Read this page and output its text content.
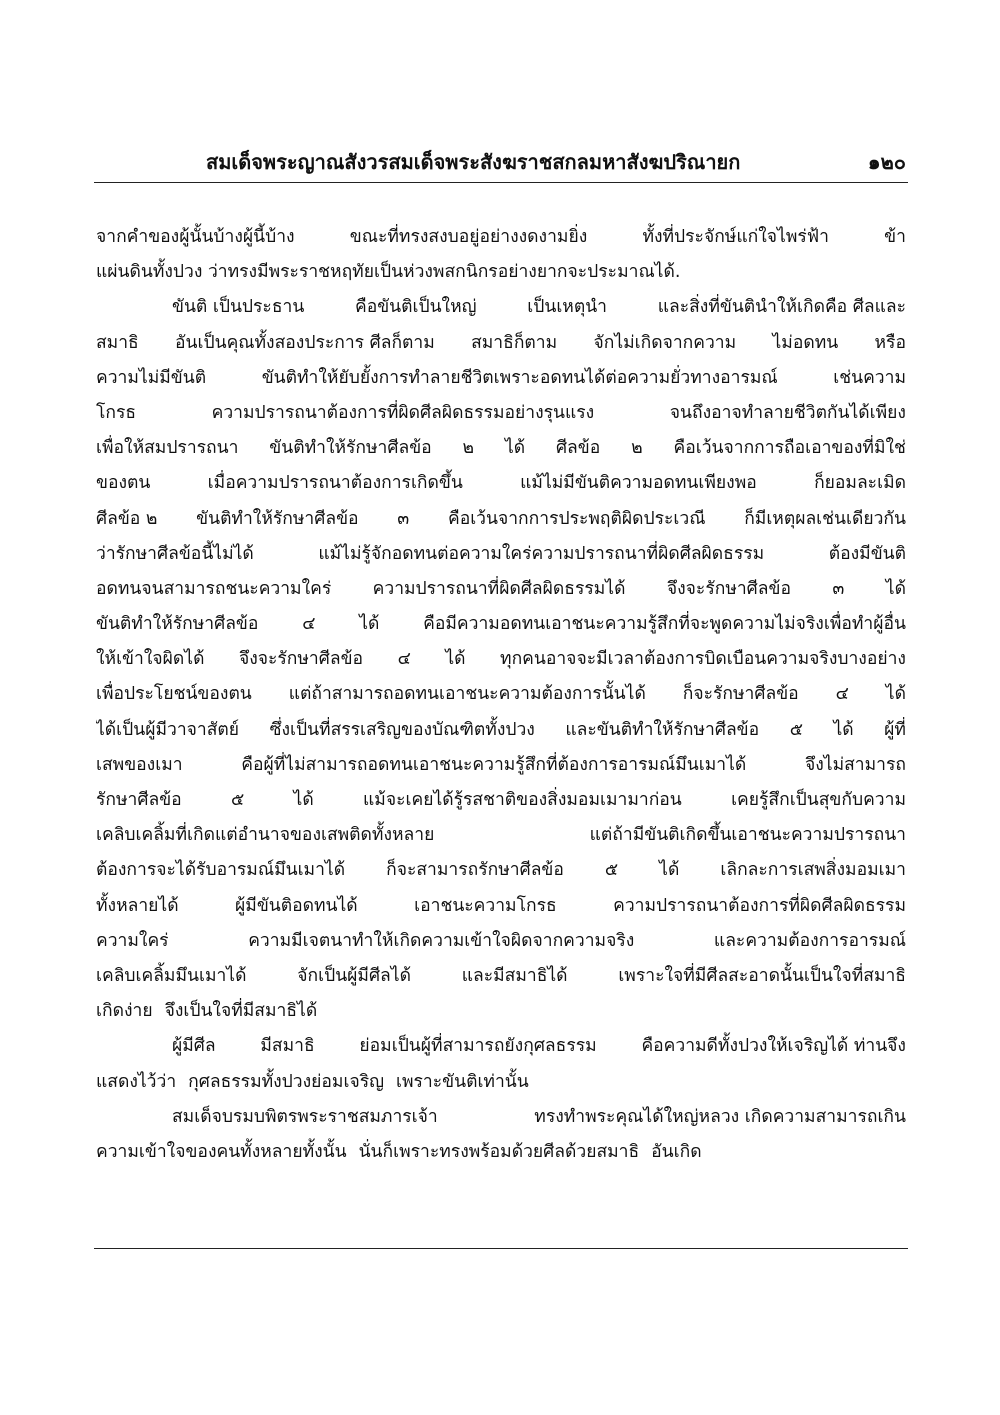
สมเด็จพระญาณสังวรสมเด็จพระสังฆราชสกลมหาสังฆปริณายก	๑๒๐
จากคำของผู้นั้นบ้างผู้นี้บ้าง	ขณะที่ทรงสงบอยู่อย่างงดงามยิ่ง	ทั้งที่ประจักษ์แก่ใจไพร่ฟ้า	ข้า
แผ่นดินทั้งปวง ว่าทรงมีพระราชหฤทัยเป็นห่วงพสกนิกรอย่างยากจะประมาณได้.
ขันติ เป็นประธาน	คือขันติเป็นใหญ่	เป็นเหตุนำ	และสิ่งที่ขันตินำให้เกิดคือ ศีลและ
สมาธิ อันเป็นคุณทั้งสองประการ ศีลก็ตาม สมาธิก็ตาม จักไม่เกิดจากความ ไม่อดทน หรือ
ความไม่มีขันติ	ขันติทำให้ยับยั้งการทำลายชีวิตเพราะอดทนได้ต่อความยั่วทางอารมณ์	เช่นความ
โกรธ	ความปรารถนาต้องการที่ผิดศีลผิดธรรมอย่างรุนแรง	จนถึงอาจทำลายชีวิตกันได้เพียง
เพื่อให้สมปรารถนา ขันติทำให้รักษาศีลข้อ ๒ ได้ ศีลข้อ ๒ คือเว้นจากการถือเอาของที่มิใช่
ของตน	เมื่อความปรารถนาต้องการเกิดขึ้น	แม้ไม่มีขันติความอดทนเพียงพอ	ก็ยอมละเมิด
ศีลข้อ ๒ ขันติทำให้รักษาศีลข้อ ๓ คือเว้นจากการประพฤติผิดประเวณี ก็มีเหตุผลเช่นเดียวกัน
ว่ารักษาศีลข้อนี้ไม่ได้	แม้ไม่รู้จักอดทนต่อความใคร่ความปรารถนาที่ผิดศีลผิดธรรม	ต้องมีขันติ
อดทนจนสามารถชนะความใคร่ ความปรารถนาที่ผิดศีลผิดธรรมได้ จึงจะรักษาศีลข้อ ๓ ได้
ขันติทำให้รักษาศีลข้อ	๔	ได้	คือมีความอดทนเอาชนะความรู้สึกที่จะพูดความไม่จริงเพื่อทำผู้อื่น
ให้เข้าใจผิดได้ จึงจะรักษาศีลข้อ ๔ ได้ ทุกคนอาจจะมีเวลาต้องการบิดเบือนความจริงบางอย่าง
เพื่อประโยชน์ของตน แต่ถ้าสามารถอดทนเอาชนะความต้องการนั้นได้ ก็จะรักษาศีลข้อ ๔ ได้
ได้เป็นผู้มีวาจาสัตย์ ซึ่งเป็นที่สรรเสริญของบัณฑิตทั้งปวง และขันติทำให้รักษาศีลข้อ ๕ ได้ ผู้ที่
เสพของเมา	คือผู้ที่ไม่สามารถอดทนเอาชนะความรู้สึกที่ต้องการอารมณ์มึนเมาได้	จึงไม่สามารถ
รักษาศีลข้อ	๕	ได้	แม้จะเคยได้รู้รสชาติของสิ่งมอมเมามาก่อน	เคยรู้สึกเป็นสุขกับความ
เคลิบเคลิ้มที่เกิดแต่อำนาจของเสพติดทั้งหลาย	แต่ถ้ามีขันติเกิดขึ้นเอาชนะความปรารถนา
ต้องการจะได้รับอารมณ์มึนเมาได้ ก็จะสามารถรักษาศีลข้อ ๕ ได้ เลิกละการเสพสิ่งมอมเมา
ทั้งหลายได้	ผู้มีขันติอดทนได้	เอาชนะความโกรธ	ความปรารถนาต้องการที่ผิดศีลผิดธรรม
ความใคร่	ความมีเจตนาทำให้เกิดความเข้าใจผิดจากความจริง	และความต้องการอารมณ์
เคลิบเคลิ้มมึนเมาได้	จักเป็นผู้มีศีลได้	และมีสมาธิได้	เพราะใจที่มีศีลสะอาดนั้นเป็นใจที่สมาธิ
เกิดง่าย จึงเป็นใจที่มีสมาธิได้
ผู้มีศีล	มีสมาธิ	ย่อมเป็นผู้ที่สามารถยังกุศลธรรม	คือความดีทั้งปวงให้เจริญได้ ท่านจึง
แสดงไว้ว่า กุศลธรรมทั้งปวงย่อมเจริญ เพราะขันติเท่านั้น
สมเด็จบรมบพิตรพระราชสมภารเจ้า	ทรงทำพระคุณได้ใหญ่หลวง เกิดความสามารถเกิน
ความเข้าใจของคนทั้งหลายทั้งนั้น นั่นก็เพราะทรงพร้อมด้วยศีลด้วยสมาธิ อันเกิด
